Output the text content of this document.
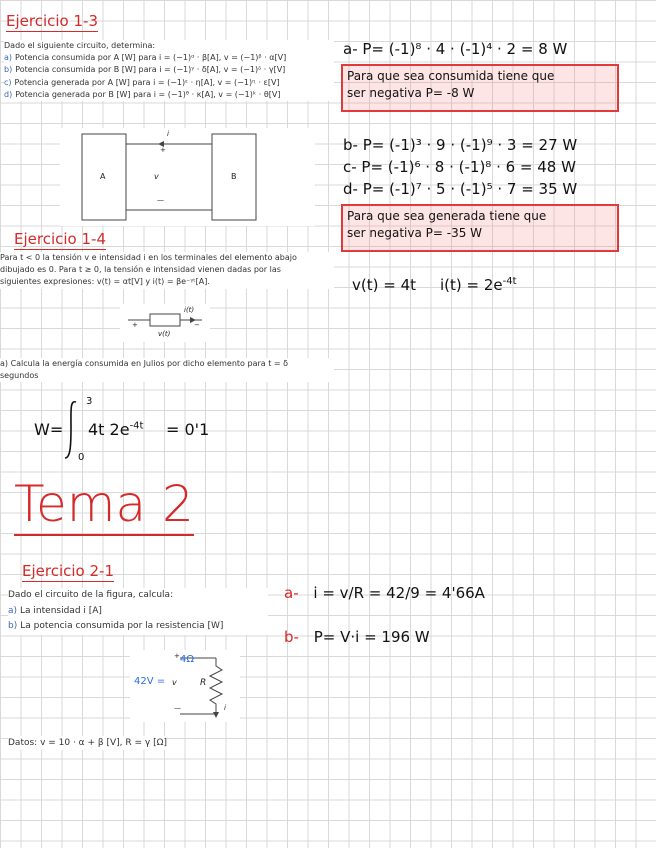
Ejercicio 1-3
Dado el siguiente circuito, determina:
a) Potencia consumida por A [W] para i = (−1)ᵅ · β[A], v = (−1)ᵝ · α[V]
b) Potencia consumida por B [W] para i = (−1)ᵞ · δ[A], v = (−1)ᵟ · γ[V]
c) Potencia generada por A [W] para i = (−1)ᵋ · η[A], v = (−1)ᶯ · ε[V]
d) Potencia generada por B [W] para i = (−1)ᶿ · κ[A], v = (−1)ᵏ · θ[V]
A	B
v
i
+
—
a- P= (-1)⁸ · 4 · (-1)⁴ · 2 = 8 W
Para que sea consumida tiene que
ser negativa P= -8 W
b- P= (-1)³ · 9 · (-1)⁹ · 3 = 27 W
c- P= (-1)⁶ · 8 · (-1)⁸ · 6 = 48 W
d- P= (-1)⁷ · 5 · (-1)⁵ · 7 = 35 W
Para que sea generada tiene que
ser negativa P= -35 W
Ejercicio 1-4
Para t < 0 la tensión v e intensidad i en los terminales del elemento abajo
dibujado es 0. Para t ≥ 0, la tensión e intensidad vienen dadas por las
siguientes expresiones: v(t) = αt[V] y i(t) = βe⁻ᵞᵗ[A].
i(t)
v(t)
+	−
a) Calcula la energía consumida en Julios por dicho elemento para t = δ
segundos
v(t) = 4t $i(t) = 2e^{-4t}$
W=
3
0
4t $2e^{-4t} = 0'1$
Tema 2
Ejercicio 2-1
Dado el circuito de la figura, calcula:
a) La intensidad i [A]
b) La potencia consumida por la resistencia [W]
+
—
v	R
i
42V =
4Ω
Datos: v = 10 · α + β [V], R = γ [Ω]
a- i = v/R = 42/9 = 4'66A
b- P= V·i = 196 W
